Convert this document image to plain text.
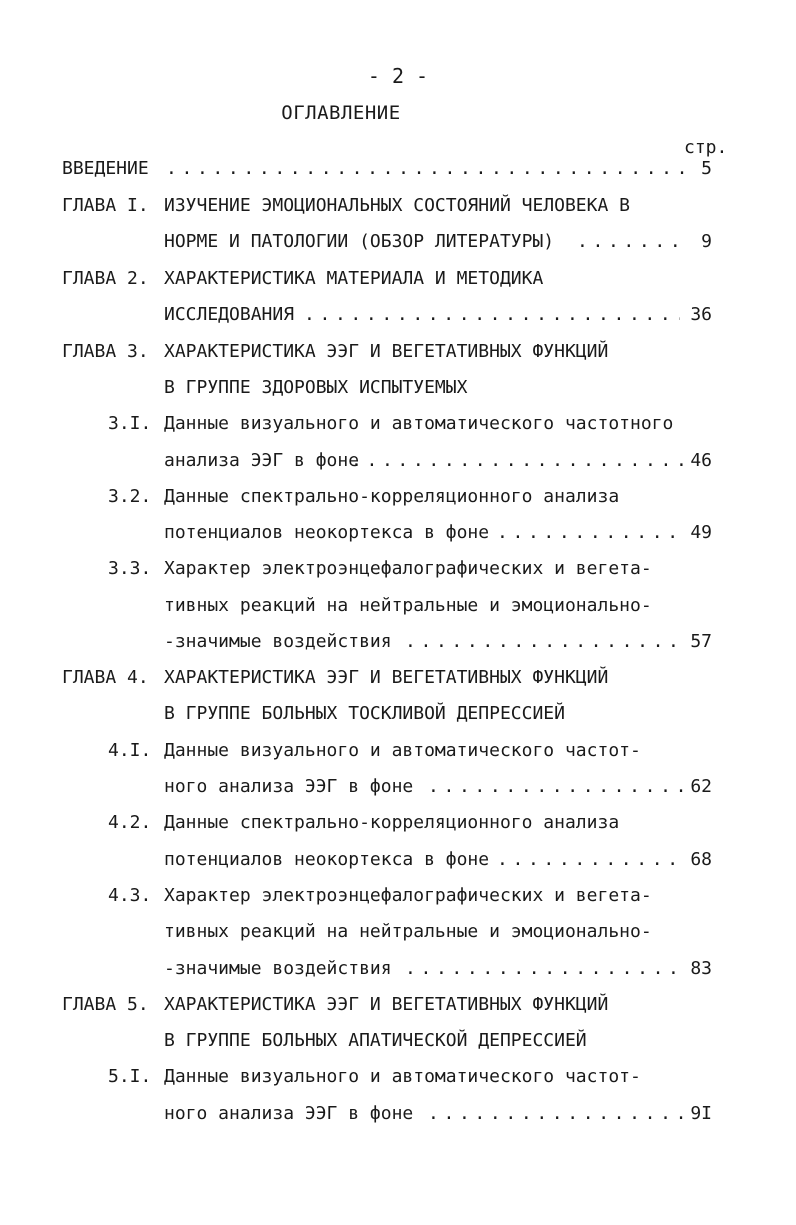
- 2 -
ОГЛАВЛЕНИЕ
стр.
ВВЕДЕНИЕ . . .	5
ГЛАВА I. ИЗУЧЕНИЕ ЭМОЦИОНАЛЬНЫХ СОСТОЯНИЙ ЧЕЛОВЕКА В
НОРМЕ И ПАТОЛОГИИ (ОБЗОР ЛИТЕРАТУРЫ) . . .	9
ГЛАВА 2. ХАРАКТЕРИСТИКА МАТЕРИАЛА И МЕТОДИКА
ИССЛЕДОВАНИЯ . . .	36
ГЛАВА 3. ХАРАКТЕРИСТИКА ЭЭГ И ВЕГЕТАТИВНЫХ ФУНКЦИЙ
В ГРУППЕ ЗДОРОВЫХ ИСПЫТУЕМЫХ
3.I. Данные визуального и автоматического частотного
анализа ЭЭГ в фоне . . .	46
3.2. Данные спектрально-корреляционного анализа
потенциалов неокортекса в фоне . . .	49
3.3. Характер электроэнцефалографических и вегета-
тивных реакций на нейтральные и эмоционально-
-значимые воздействия . . .	57
ГЛАВА 4. ХАРАКТЕРИСТИКА ЭЭГ И ВЕГЕТАТИВНЫХ ФУНКЦИЙ
В ГРУППЕ БОЛЬНЫХ ТОСКЛИВОЙ ДЕПРЕССИЕЙ
4.I. Данные визуального и автоматического частот-
ного анализа ЭЭГ в фоне . . .	62
4.2. Данные спектрально-корреляционного анализа
потенциалов неокортекса в фоне . . .	68
4.3. Характер электроэнцефалографических и вегета-
тивных реакций на нейтральные и эмоционально-
-значимые воздействия . . .	83
ГЛАВА 5. ХАРАКТЕРИСТИКА ЭЭГ И ВЕГЕТАТИВНЫХ ФУНКЦИЙ
В ГРУППЕ БОЛЬНЫХ АПАТИЧЕСКОЙ ДЕПРЕССИЕЙ
5.I. Данные визуального и автоматического частот-
ного анализа ЭЭГ в фоне . . .	9I
